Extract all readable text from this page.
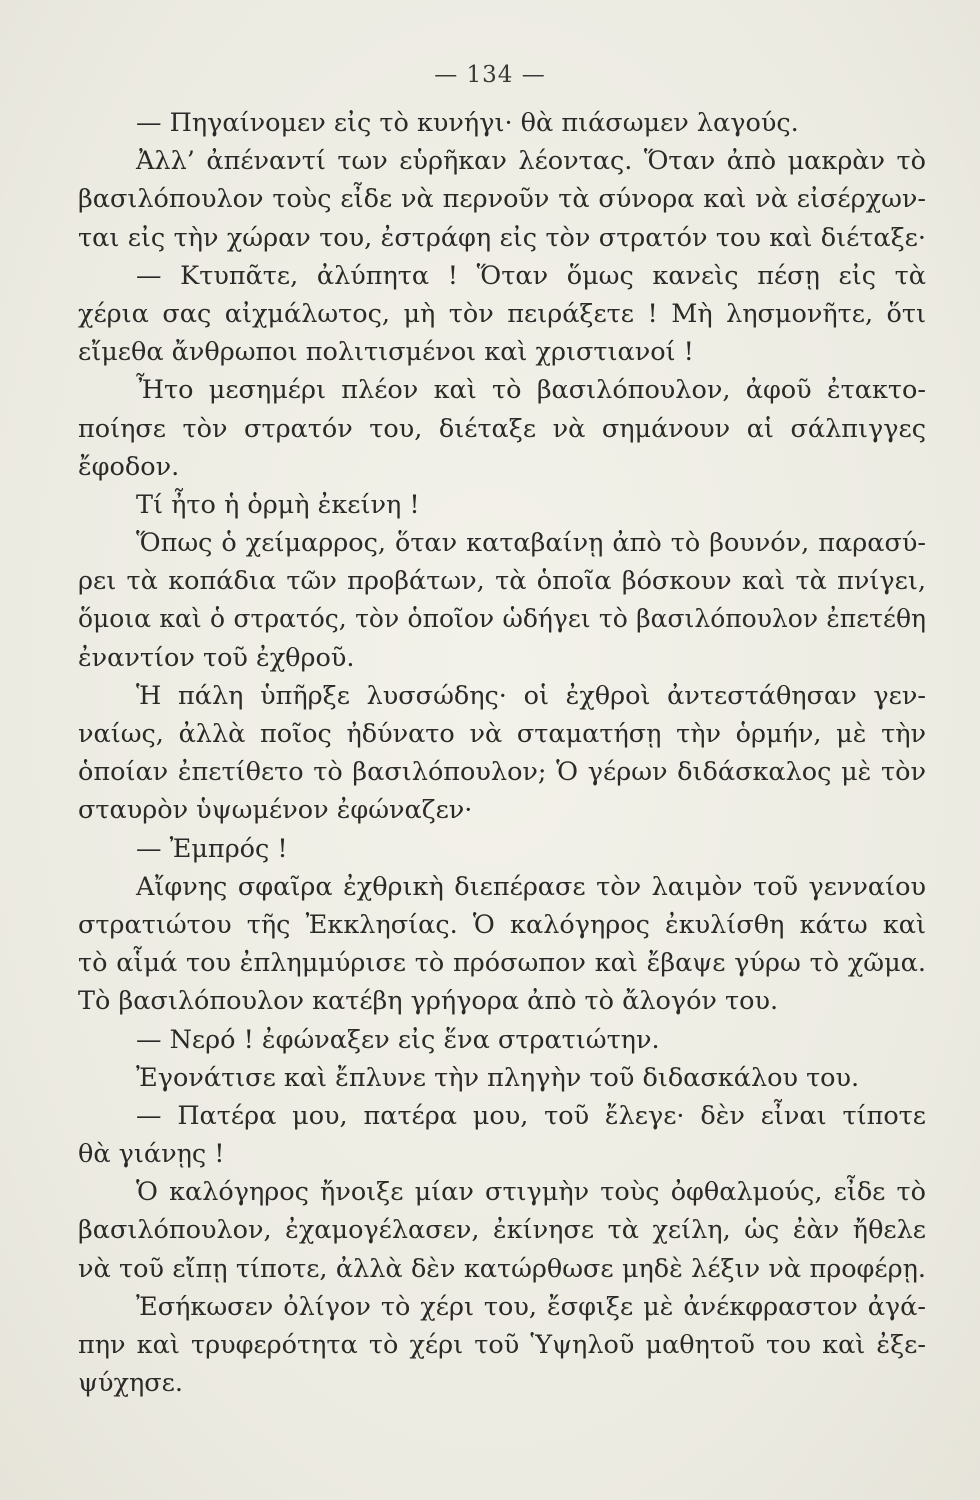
— 134 —
— Πηγαίνομεν εἰς τὸ κυνήγι· θὰ πιάσωμεν λαγούς.
Ἀλλ’ ἀπέναντί των εὑρῆκαν λέοντας. Ὅταν ἀπὸ μακρὰν τὸ
βασιλόπουλον τοὺς εἶδε νὰ περνοῦν τὰ σύνορα καὶ νὰ εἰσέρχων-
ται εἰς τὴν χώραν του, ἐστράφη εἰς τὸν στρατόν του καὶ διέταξε·
— Κτυπᾶτε, ἀλύπητα ! Ὅταν ὅμως κανεὶς πέσῃ εἰς τὰ
χέρια σας αἰχμάλωτος, μὴ τὸν πειράξετε ! Μὴ λησμονῆτε, ὅτι
εἴμεθα ἄνθρωποι πολιτισμένοι καὶ χριστιανοί !
Ἦτο μεσημέρι πλέον καὶ τὸ βασιλόπουλον, ἀφοῦ ἐτακτο-
ποίησε τὸν στρατόν του, διέταξε νὰ σημάνουν αἱ σάλπιγγες
ἔφοδον.
Τί ἦτο ἡ ὁρμὴ ἐκείνη !
Ὅπως ὁ χείμαρρος, ὅταν καταβαίνῃ ἀπὸ τὸ βουνόν, παρασύ-
ρει τὰ κοπάδια τῶν προβάτων, τὰ ὁποῖα βόσκουν καὶ τὰ πνίγει,
ὅμοια καὶ ὁ στρατός, τὸν ὁποῖον ὡδήγει τὸ βασιλόπουλον ἐπετέθη
ἐναντίον τοῦ ἐχθροῦ.
Ἡ πάλη ὑπῆρξε λυσσώδης· οἱ ἐχθροὶ ἀντεστάθησαν γεν-
ναίως, ἀλλὰ ποῖος ἠδύνατο νὰ σταματήσῃ τὴν ὁρμήν, μὲ τὴν
ὁποίαν ἐπετίθετο τὸ βασιλόπουλον; Ὁ γέρων διδάσκαλος μὲ τὸν
σταυρὸν ὑψωμένον ἐφώναζεν·
— Ἐμπρός !
Αἴφνης σφαῖρα ἐχθρικὴ διεπέρασε τὸν λαιμὸν τοῦ γενναίου
στρατιώτου τῆς Ἐκκλησίας. Ὁ καλόγηρος ἐκυλίσθη κάτω καὶ
τὸ αἷμά του ἐπλημμύρισε τὸ πρόσωπον καὶ ἔβαψε γύρω τὸ χῶμα.
Τὸ βασιλόπουλον κατέβη γρήγορα ἀπὸ τὸ ἄλογόν του.
— Νερό ! ἐφώναξεν εἰς ἕνα στρατιώτην.
Ἐγονάτισε καὶ ἔπλυνε τὴν πληγὴν τοῦ διδασκάλου του.
— Πατέρα μου, πατέρα μου, τοῦ ἔλεγε· δὲν εἶναι τίποτε
θὰ γιάνῃς !
Ὁ καλόγηρος ἤνοιξε μίαν στιγμὴν τοὺς ὀφθαλμούς, εἶδε τὸ
βασιλόπουλον, ἐχαμογέλασεν, ἐκίνησε τὰ χείλη, ὡς ἐὰν ἤθελε
νὰ τοῦ εἴπῃ τίποτε, ἀλλὰ δὲν κατώρθωσε μηδὲ λέξιν νὰ προφέρῃ.
Ἐσήκωσεν ὀλίγον τὸ χέρι του, ἔσφιξε μὲ ἀνέκφραστον ἀγά-
πην καὶ τρυφερότητα τὸ χέρι τοῦ Ὑψηλοῦ μαθητοῦ του καὶ ἐξε-
ψύχησε.
